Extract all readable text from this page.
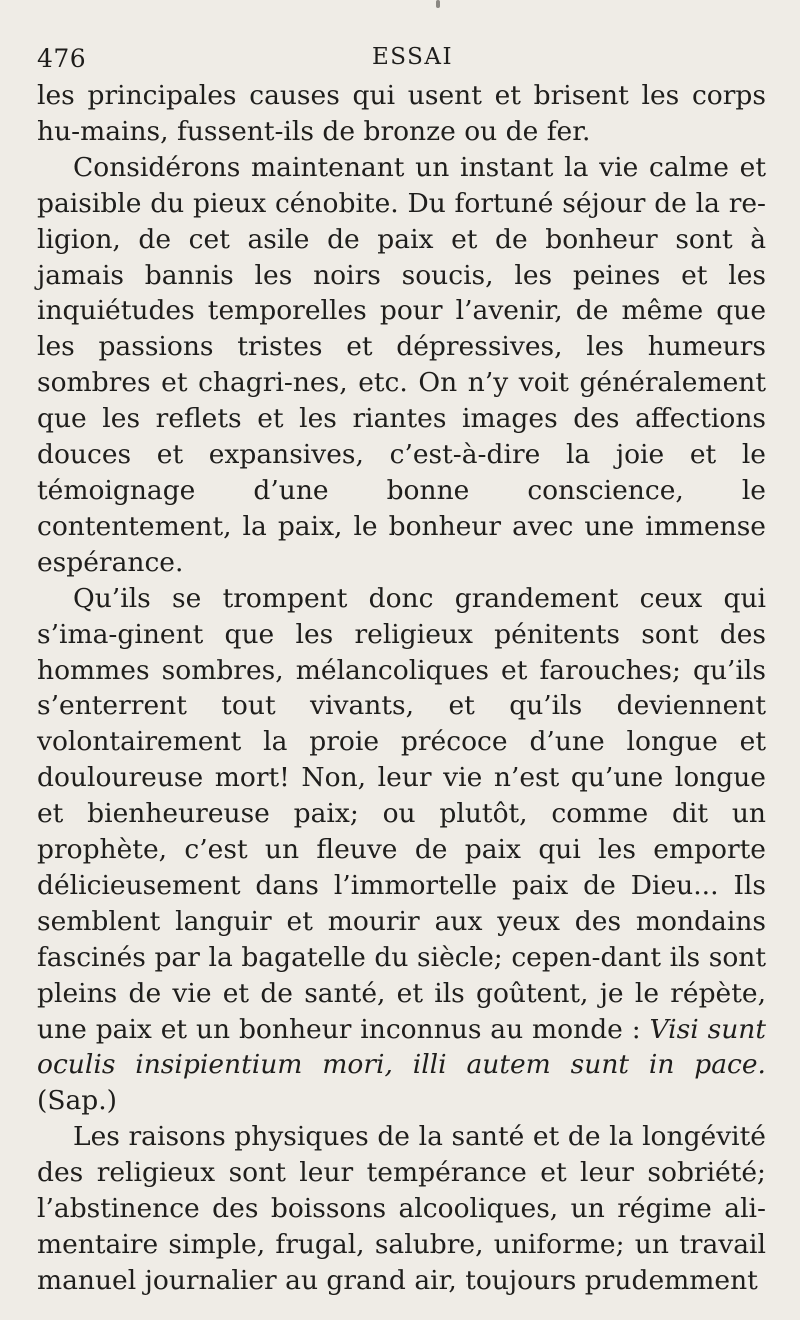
476	ESSAI

les principales causes qui usent et brisent les corps hu-mains, fussent-ils de bronze ou de fer.

Considérons maintenant un instant la vie calme et paisible du pieux cénobite. Du fortuné séjour de la re-ligion, de cet asile de paix et de bonheur sont à jamais bannis les noirs soucis, les peines et les inquiétudes temporelles pour l’avenir, de même que les passions tristes et dépressives, les humeurs sombres et chagri-nes, etc. On n’y voit généralement que les reflets et les riantes images des affections douces et expansives, c’est-à-dire la joie et le témoignage d’une bonne conscience, le contentement, la paix, le bonheur avec une immense espérance.

Qu’ils se trompent donc grandement ceux qui s’ima-ginent que les religieux pénitents sont des hommes sombres, mélancoliques et farouches; qu’ils s’enterrent tout vivants, et qu’ils deviennent volontairement la proie précoce d’une longue et douloureuse mort! Non, leur vie n’est qu’une longue et bienheureuse paix; ou plutôt, comme dit un prophète, c’est un fleuve de paix qui les emporte délicieusement dans l’immortelle paix de Dieu... Ils semblent languir et mourir aux yeux des mondains fascinés par la bagatelle du siècle; cepen-dant ils sont pleins de vie et de santé, et ils goûtent, je le répète, une paix et un bonheur inconnus au monde : Visi sunt oculis insipientium mori, illi autem sunt in pace. (Sap.)

Les raisons physiques de la santé et de la longévité des religieux sont leur tempérance et leur sobriété; l’abstinence des boissons alcooliques, un régime ali-mentaire simple, frugal, salubre, uniforme; un travail manuel journalier au grand air, toujours prudemment
